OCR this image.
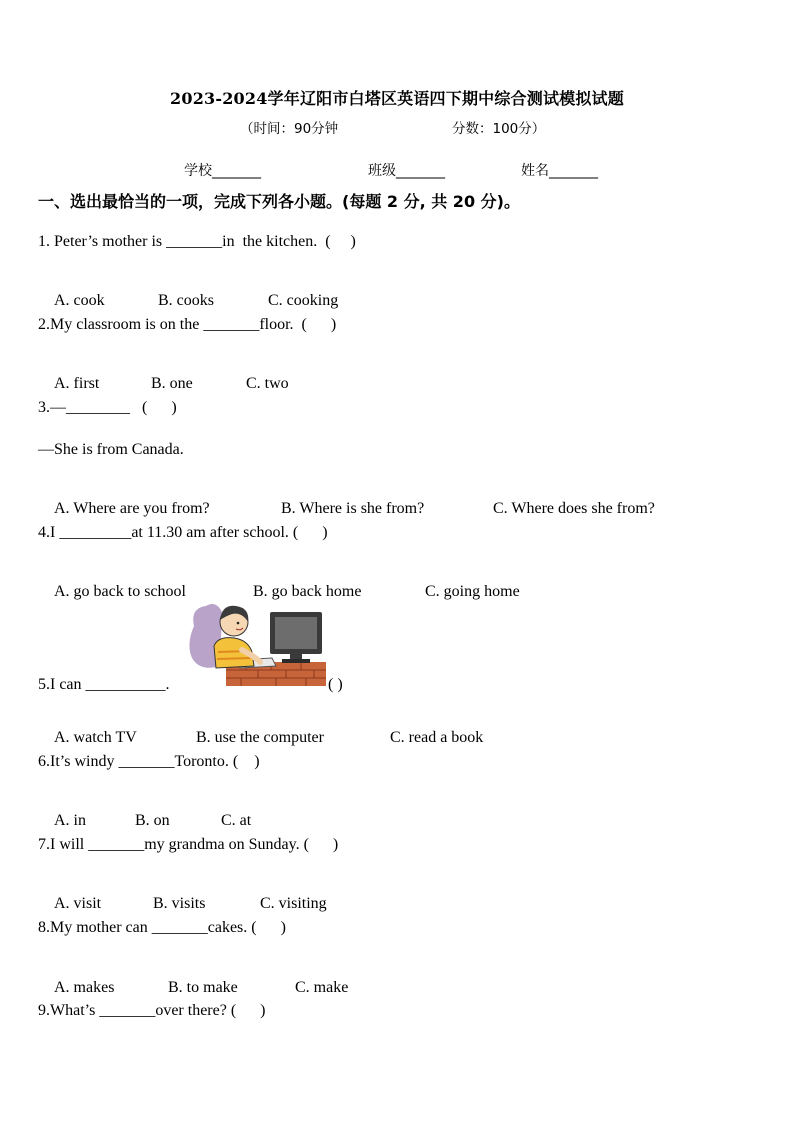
2023-2024学年辽阳市白塔区英语四下期中综合测试模拟试题
（时间：90分钟	分数：100分）
学校_______	班级_______	姓名_______
一、选出最恰当的一项，完成下列各小题。(每题 2 分, 共 20 分)。
1. Peter’s mother is _______in  the kitchen.  (     )

A. cook	B. cooks	C. cooking

2.My classroom is on the _______floor.  (      )

A. first	B. one	C. two

3.—________   (      )
—She is from Canada.

A. Where are you from?	B. Where is she from?	C. Where does she from?

4.I _________at 11.30 am after school. (      )

A. go back to school	B. go back home	C. going home

5.I can __________.	( )

A. watch TV	B. use the computer	C. read a book

6.It’s windy _______Toronto. (    )

A. in	B. on	C. at

7.I will _______my grandma on Sunday. (      )

A. visit	B. visits	C. visiting

8.My mother can _______cakes. (      )

A. makes	B. to make	C. make

9.What’s _______over there? (      )
